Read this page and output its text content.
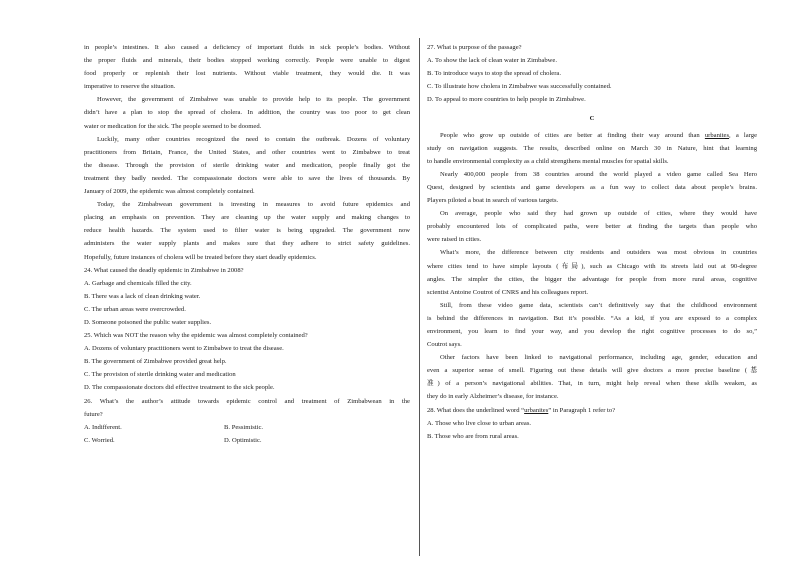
in people’s intestines. It also caused a deficiency of important fluids in sick people’s bodies. Without
the proper fluids and minerals, their bodies stopped working correctly. People were unable to digest
food properly or replenish their lost nutrients. Without viable treatment, they would die. It was
imperative to reserve the situation.
However, the government of Zimbabwe was unable to provide help to its people. The government
didn’t have a plan to stop the spread of cholera. In addition, the country was too poor to get clean
water or medication for the sick. The people seemed to be doomed.
Luckily, many other countries recognized the need to contain the outbreak. Dozens of voluntary
practitioners from Britain, France, the United States, and other countries went to Zimbabwe to treat
the disease. Through the provision of sterile drinking water and medication, people finally got the
treatment they badly needed. The compassionate doctors were able to save the lives of thousands. By
January of 2009, the epidemic was almost completely contained.
Today, the Zimbabwean government is investing in measures to avoid future epidemics and
placing an emphasis on prevention. They are cleaning up the water supply and making changes to
reduce health hazards. The system used to filter water is being upgraded. The government now
administers the water supply plants and makes sure that they adhere to strict safety guidelines.
Hopefully, future instances of cholera will be treated before they start deadly epidemics.
24. What caused the deadly epidemic in Zimbabwe in 2008?
A. Garbage and chemicals filled the city.
B. There was a lack of clean drinking water.
C. The urban areas were overcrowded.
D. Someone poisoned the public water supplies.
25. Which was NOT the reason why the epidemic was almost completely contained?
A. Dozens of voluntary practitioners went to Zimbabwe to treat the disease.
B. The government of Zimbabwe provided great help.
C. The provision of sterile drinking water and medication
D. The compassionate doctors did effective treatment to the sick people.
26. What’s the author’s attitude towards epidemic control and treatment of Zimbabwean in the
future?
A. Indifferent.	B. Pessimistic.
C. Worried.	D. Optimistic.
27. What is purpose of the passage?
A. To show the lack of clean water in Zimbabwe.
B. To introduce ways to stop the spread of cholera.
C. To illustrate how cholera in Zimbabwe was successfully contained.
D. To appeal to more countries to help people in Zimbabwe.
C
People who grow up outside of cities are better at finding their way around than urbanites, a large
study on navigation suggests. The results, described online on March 30 in Nature, hint that learning
to handle environmental complexity as a child strengthens mental muscles for spatial skills.
Nearly 400,000 people from 38 countries around the world played a video game called Sea Hero
Quest, designed by scientists and game developers as a fun way to collect data about people’s brains.
Players piloted a boat in search of various targets.
On average, people who said they had grown up outside of cities, where they would have
probably encountered lots of complicated paths, were better at finding the targets than people who
were raised in cities.
What’s more, the difference between city residents and outsiders was most obvious in countries
where cities tend to have simple layouts (布局), such as Chicago with its streets laid out at 90-degree
angles. The simpler the cities, the bigger the advantage for people from more rural areas, cognitive
scientist Antoine Coutrot of CNRS and his colleagues report.
Still, from these video game data, scientists can’t definitively say that the childhood environment
is behind the differences in navigation. But it’s possible. “As a kid, if you are exposed to a complex
environment, you learn to find your way, and you develop the right cognitive processes to do so,”
Coutrot says.
Other factors have been linked to navigational performance, including age, gender, education and
even a superior sense of smell. Figuring out these details will give doctors a more precise baseline (基
准) of a person’s navigational abilities. That, in turn, might help reveal when these skills weaken, as
they do in early Alzheimer’s disease, for instance.
28. What does the underlined word “urbanites” in Paragraph 1 refer to?
A. Those who live close to urban areas.
B. Those who are from rural areas.
